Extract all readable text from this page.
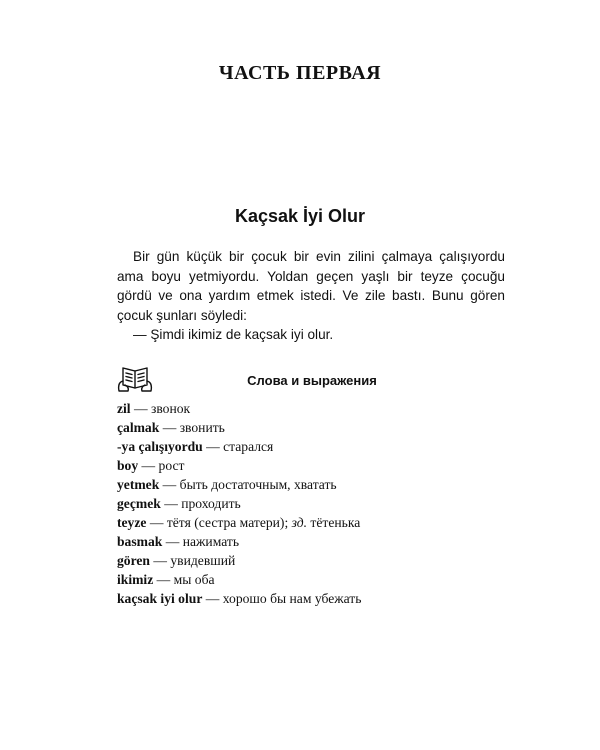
ЧАСТЬ ПЕРВАЯ
Kaçsak İyi Olur

Bir gün küçük bir çocuk bir evin zilini çalmaya çalışıyordu ama boyu yetmiyordu. Yoldan geçen yaşlı bir teyze çocuğu gördü ve ona yardım etmek istedi. Ve zile bastı. Bunu gören çocuk şunları söyledi:

— Şimdi ikimiz de kaçsak iyi olur.

Слова и выражения
zil — звонок
çalmak — звонить
-ya çalışıyordu — старался
boy — рост
yetmek — быть достаточным, хватать
geçmek — проходить
teyze — тётя (сестра матери); зд. тётенька
basmak — нажимать
gören — увидевший
ikimiz — мы оба
kaçsak iyi olur — хорошо бы нам убежать
